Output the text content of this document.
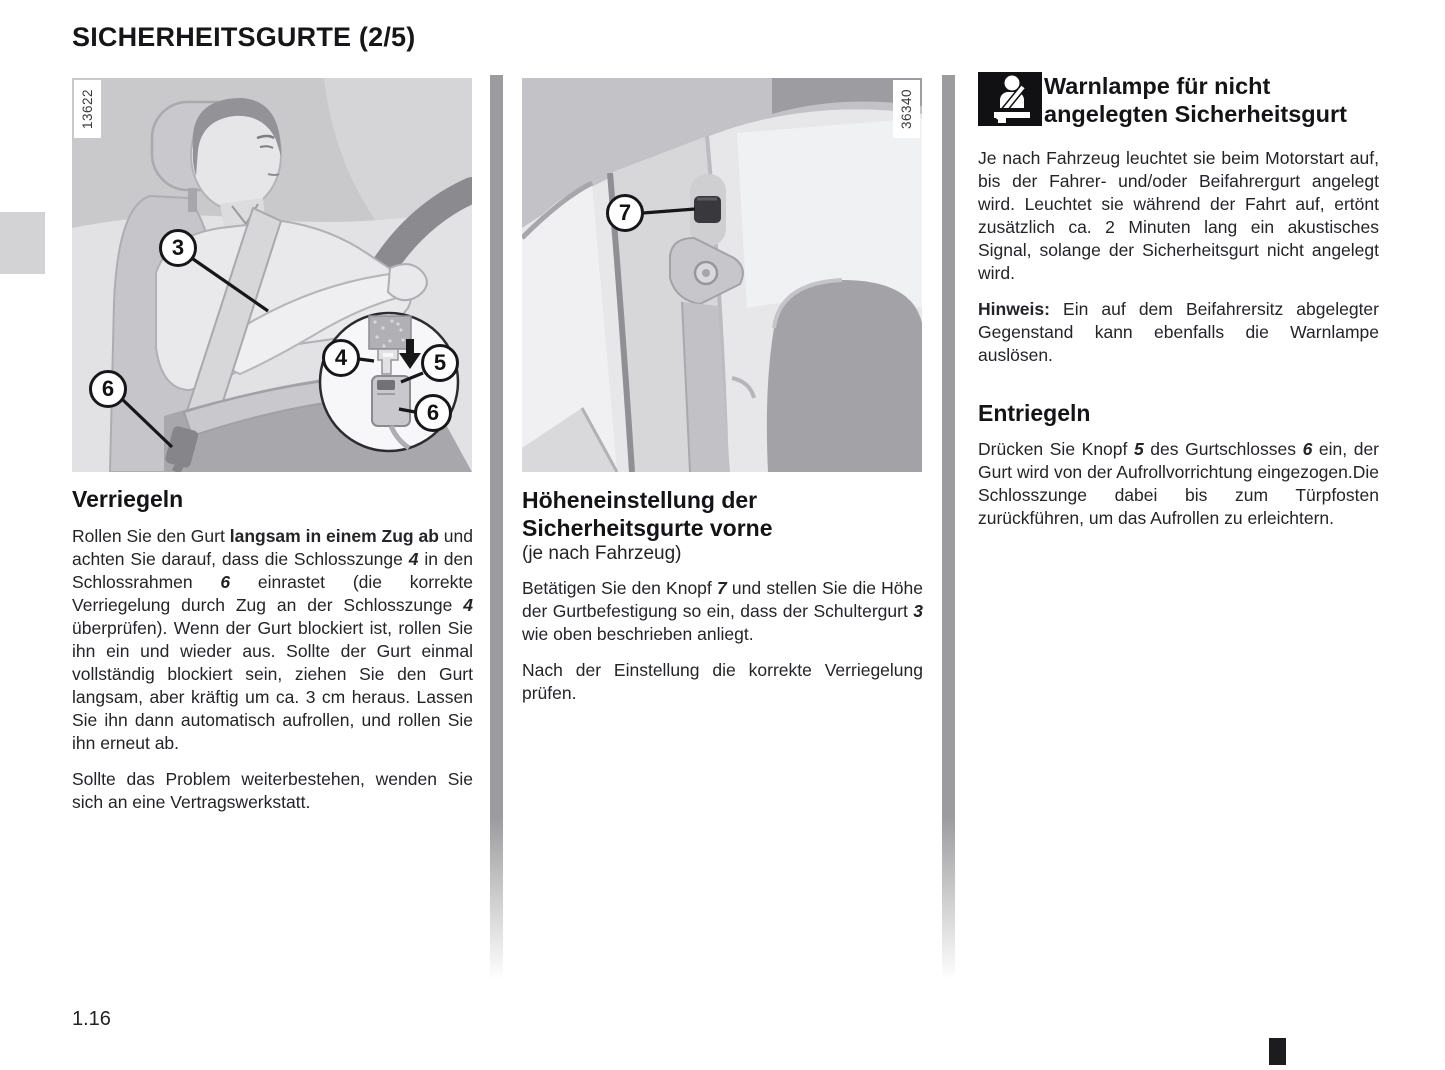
SICHERHEITSGURTE (2/5)
13622
3
6
4	5
6
36340
7
Verriegeln

Rollen Sie den Gurt langsam in einem Zug ab und achten Sie darauf, dass die Schlosszunge 4 in den Schlossrahmen 6 einrastet (die korrekte Verriegelung durch Zug an der Schlosszunge 4 überprüfen). Wenn der Gurt blockiert ist, rollen Sie ihn ein und wieder aus. Sollte der Gurt einmal vollständig blockiert sein, ziehen Sie den Gurt langsam, aber kräftig um ca. 3 cm heraus. Lassen Sie ihn dann automatisch aufrollen, und rollen Sie ihn erneut ab.

Sollte das Problem weiterbestehen, wenden Sie sich an eine Vertragswerkstatt.

Höheneinstellung der
Sicherheitsgurte vorne
(je nach Fahrzeug)

Betätigen Sie den Knopf 7 und stellen Sie die Höhe der Gurtbefestigung so ein, dass der Schultergurt 3 wie oben beschrieben anliegt.

Nach der Einstellung die korrekte Verriegelung prüfen.

Warnlampe für nicht
angelegten Sicherheitsgurt

Je nach Fahrzeug leuchtet sie beim Motorstart auf, bis der Fahrer- und/oder Beifahrergurt angelegt wird. Leuchtet sie während der Fahrt auf, ertönt zusätzlich ca. 2 Minuten lang ein akustisches Signal, solange der Sicherheitsgurt nicht angelegt wird.

Hinweis: Ein auf dem Beifahrersitz abgelegter Gegenstand kann ebenfalls die Warnlampe auslösen.

Entriegeln

Drücken Sie Knopf 5 des Gurtschlosses 6 ein, der Gurt wird von der Aufrollvorrichtung eingezogen.Die Schlosszunge dabei bis zum Türpfosten zurückführen, um das Aufrollen zu erleichtern.

1.16
